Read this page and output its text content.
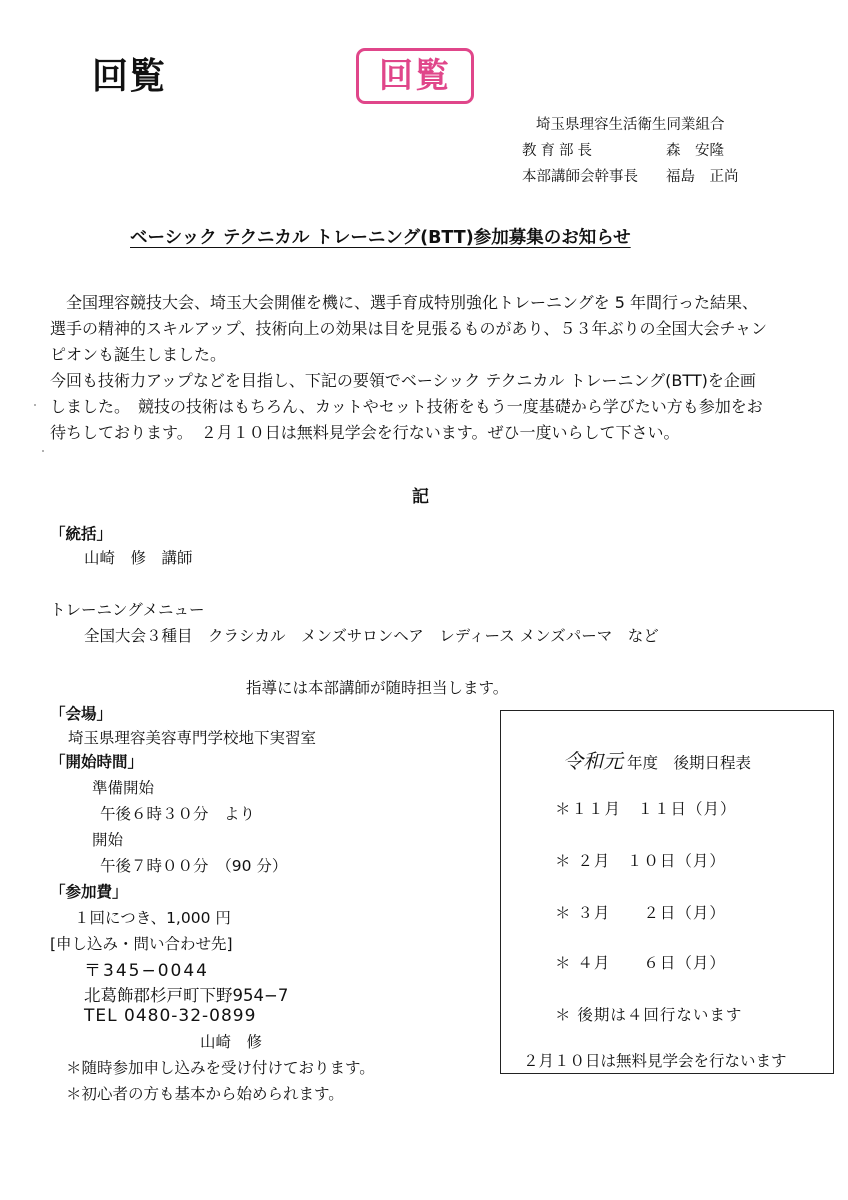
回覧	回覧
埼玉県理容生活衛生同業組合
教育部長	森　安隆
本部講師会幹事長	福島　正尚
ベーシック テクニカル トレーニング(BTT)参加募集のお知らせ

　全国理容競技大会、埼玉大会開催を機に、選手育成特別強化トレーニングを 5 年間行った結果、

選手の精神的スキルアップ、技術向上の効果は目を見張るものがあり、５３年ぶりの全国大会チャン

ピオンも誕生しました。

今回も技術力アップなどを目指し、下記の要領でベーシック テクニカル トレーニング(BTT)を企画

しました。　競技の技術はもちろん、カットやセット技術をもう一度基礎から学びたい方も参加をお

待ちしております。　２月１０日は無料見学会を行ないます。ぜひ一度いらして下さい。

記
「統括」
山崎　修　講師
トレーニングメニュー
全国大会３種目　クラシカル　メンズサロンヘア　レディース メンズパーマ　など
指導には本部講師が随時担当します。
「会場」
埼玉県理容美容専門学校地下実習室
「開始時間」
準備開始
午後６時３０分　より
開始
午後７時００分　（90 分）
「参加費」
１回につき、1,000 円
[申し込み・問い合わせ先]
〒345−0044
北葛飾郡杉戸町下野954−7
TEL 0480-32-0899
山崎　修
＊随時参加申し込みを受け付けております。
＊初心者の方も基本から始められます。
令和元 年度　後期日程表
＊１１月　１１日（月）
＊ ２月　１０日（月）
＊ ３月　　２日（月）
＊ ４月　　６日（月）
＊ 後期は４回行ないます
２月１０日は無料見学会を行ないます
